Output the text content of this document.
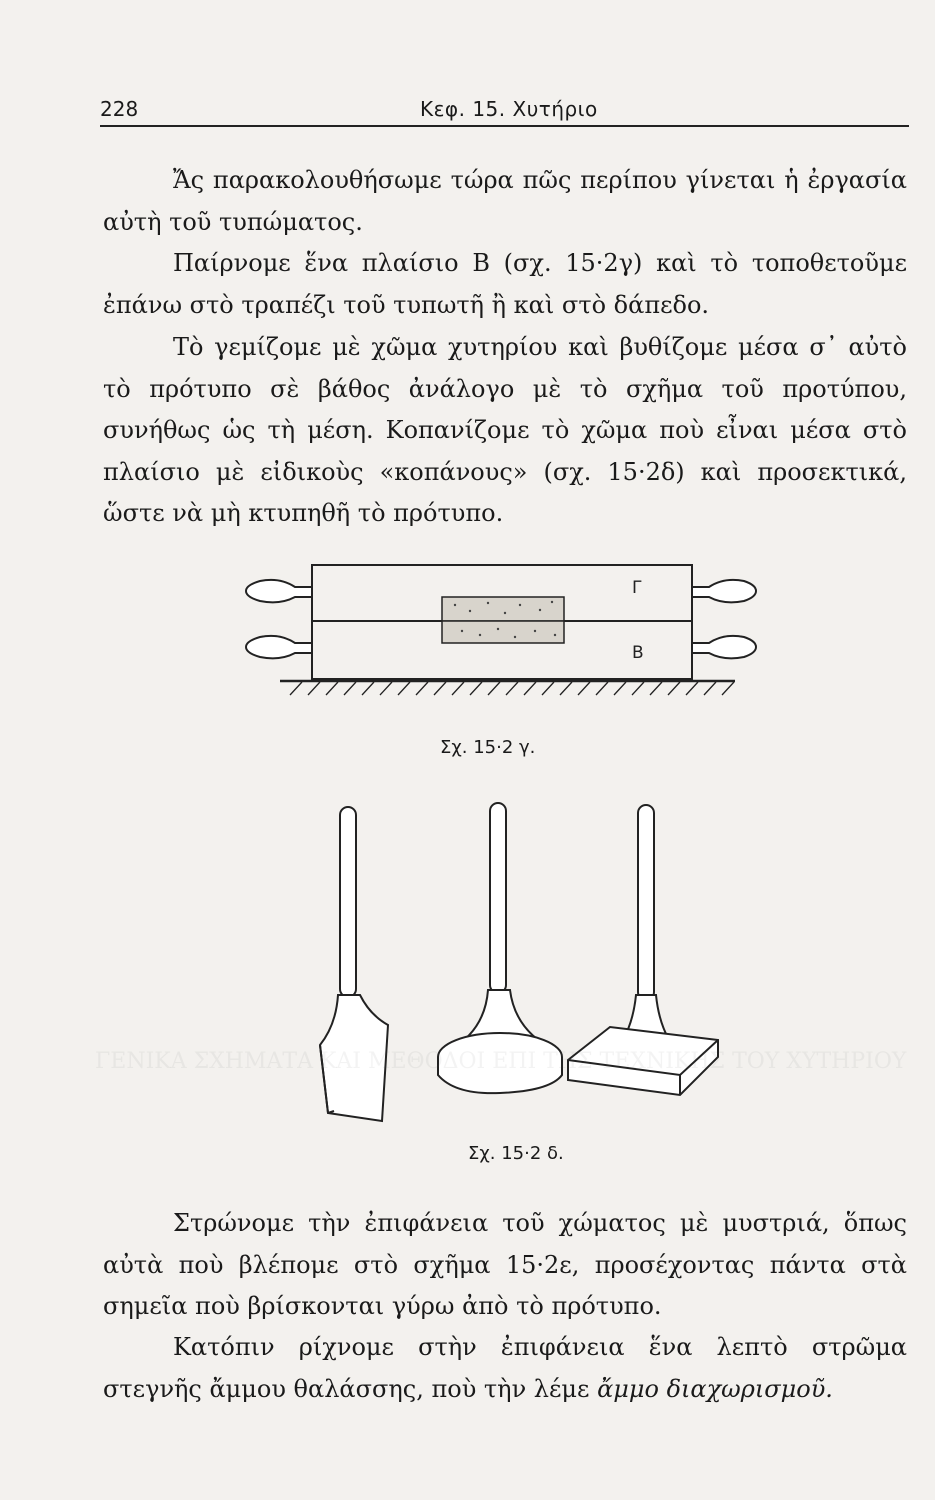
228	Κεφ. 15. Χυτήριο

Ἄς παρακολουθήσωμε τώρα πῶς περίπου γίνεται ἡ ἐργασία αὐτὴ τοῦ τυπώματος.

Παίρνομε ἕνα πλαίσιο Β (σχ. 15·2γ) καὶ τὸ τοποθετοῦμε ἐπάνω στὸ τραπέζι τοῦ τυπωτῆ ἢ καὶ στὸ δάπεδο.

Τὸ γεμίζομε μὲ χῶμα χυτηρίου καὶ βυθίζομε μέσα σ᾽ αὐτὸ τὸ πρότυπο σὲ βάθος ἀνάλογο μὲ τὸ σχῆμα τοῦ προτύπου, συνήθως ὡς τὴ μέση. Κοπανίζομε τὸ χῶμα ποὺ εἶναι μέσα στὸ πλαίσιο μὲ εἰδικοὺς «κοπάνους» (σχ. 15·2δ) καὶ προσεκτικά, ὥστε νὰ μὴ κτυπηθῆ τὸ πρότυπο.

Γ
Β
Σχ. 15·2 γ.
Σχ. 15·2 δ.

Στρώνομε τὴν ἐπιφάνεια τοῦ χώματος μὲ μυστριά, ὅπως αὐτὰ ποὺ βλέπομε στὸ σχῆμα 15·2ε, προσέχοντας πάντα στὰ σημεῖα ποὺ βρίσκονται γύρω ἀπὸ τὸ πρότυπο.

Κατόπιν ρίχνομε στὴν ἐπιφάνεια ἕνα λεπτὸ στρῶμα στεγνῆς ἄμμου θαλάσσης, ποὺ τὴν λέμε ἄμμο διαχωρισμοῦ.

ΓΕΝΙΚΑ ΣΧΗΜΑΤΑ ΚΑΙ ΜΕΘΟΔΟΙ ΕΠΙ ΤΗΣ ΤΕΧΝΙΚΗΣ ΤΟΥ ΧΥΤΗΡΙΟΥ
